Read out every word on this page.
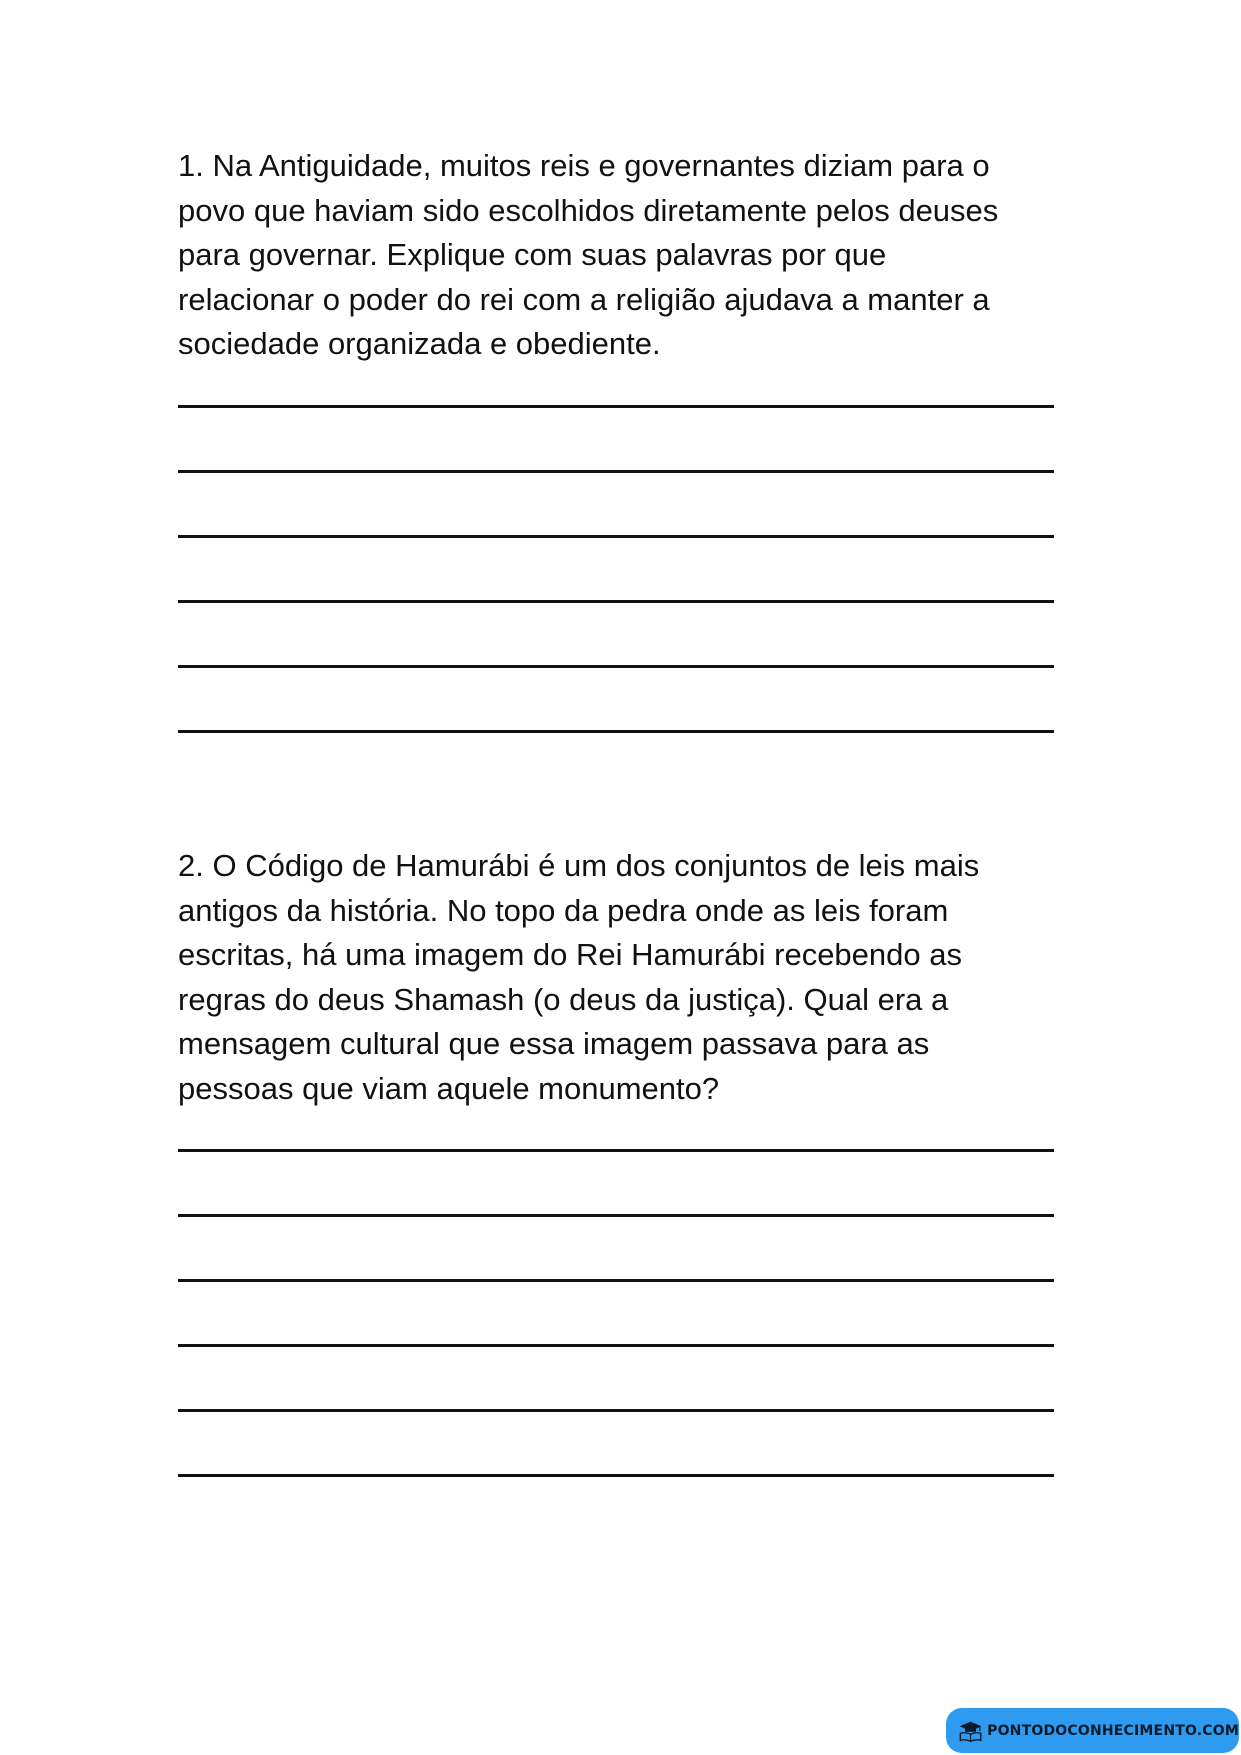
1. Na Antiguidade, muitos reis e governantes diziam para o
povo que haviam sido escolhidos diretamente pelos deuses
para governar. Explique com suas palavras por que
relacionar o poder do rei com a religião ajudava a manter a
sociedade organizada e obediente.

2. O Código de Hamurábi é um dos conjuntos de leis mais
antigos da história. No topo da pedra onde as leis foram
escritas, há uma imagem do Rei Hamurábi recebendo as
regras do deus Shamash (o deus da justiça). Qual era a
mensagem cultural que essa imagem passava para as
pessoas que viam aquele monumento?

PONTODOCONHECIMENTO.COM
